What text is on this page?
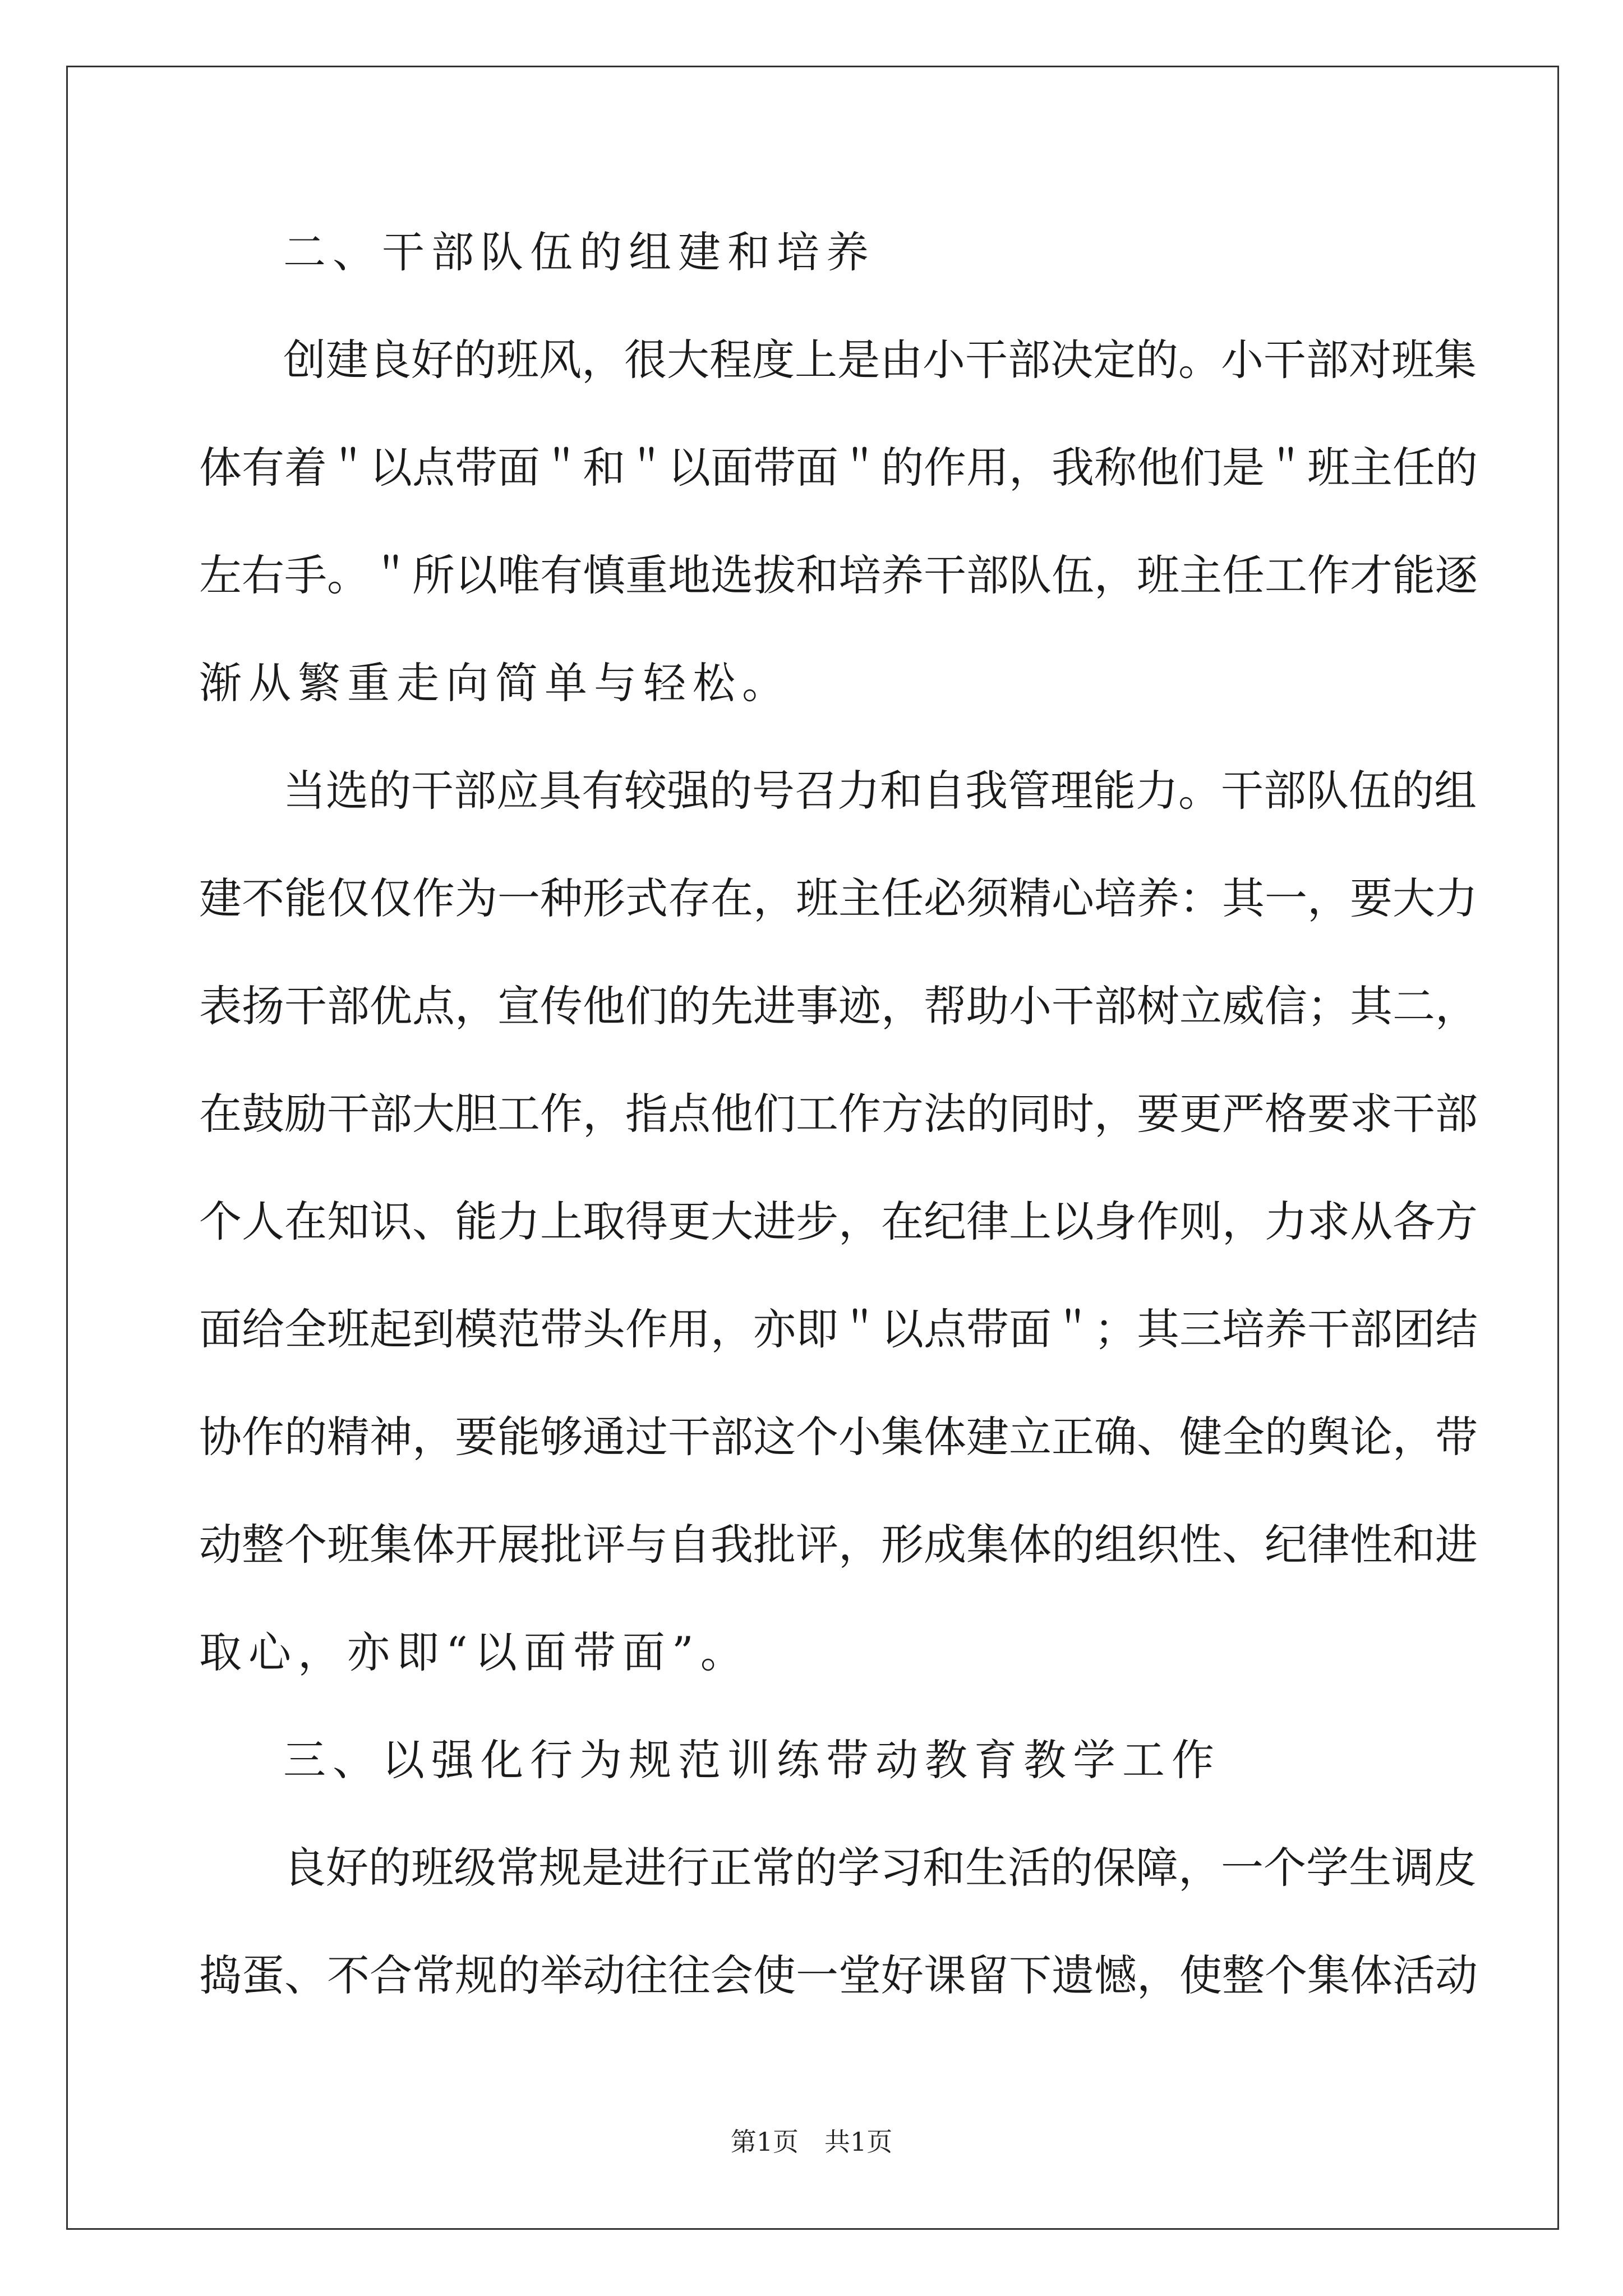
二、干部队伍的组建和培养
创建良好的班风，很大程度上是由小干部决定的。小干部对班集
体有着＂以点带面＂和＂以面带面＂的作用，我称他们是＂班主任的
左右手。＂所以唯有慎重地选拔和培养干部队伍，班主任工作才能逐
渐从繁重走向简单与轻松。
当选的干部应具有较强的号召力和自我管理能力。干部队伍的组
建不能仅仅作为一种形式存在，班主任必须精心培养：其一，要大力
表扬干部优点，宣传他们的先进事迹，帮助小干部树立威信；其二，
在鼓励干部大胆工作，指点他们工作方法的同时，要更严格要求干部
个人在知识、能力上取得更大进步，在纪律上以身作则，力求从各方
面给全班起到模范带头作用，亦即＂以点带面＂；其三培养干部团结
协作的精神，要能够通过干部这个小集体建立正确、健全的舆论，带
动整个班集体开展批评与自我批评，形成集体的组织性、纪律性和进
取心，亦即“以面带面”。
三、以强化行为规范训练带动教育教学工作
良好的班级常规是进行正常的学习和生活的保障，一个学生调皮
捣蛋、不合常规的举动往往会使一堂好课留下遗憾，使整个集体活动
第1页　共1页
